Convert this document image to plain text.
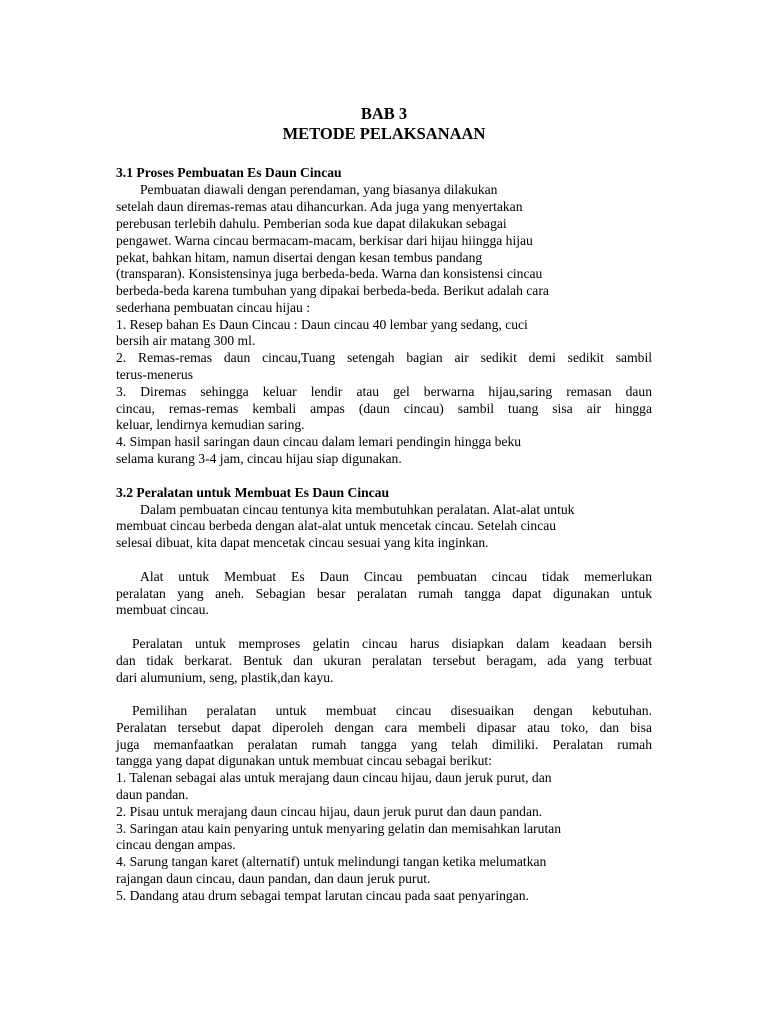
BAB 3
METODE PELAKSANAAN
3.1 Proses Pembuatan Es Daun Cincau
Pembuatan diawali dengan perendaman, yang biasanya dilakukan
setelah daun diremas-remas atau dihancurkan. Ada juga yang menyertakan
perebusan terlebih dahulu. Pemberian soda kue dapat dilakukan sebagai
pengawet. Warna cincau bermacam-macam, berkisar dari hijau hiingga hijau
pekat, bahkan hitam, namun disertai dengan kesan tembus pandang
(transparan). Konsistensinya juga berbeda-beda. Warna dan konsistensi cincau
berbeda-beda karena tumbuhan yang dipakai berbeda-beda. Berikut adalah cara
sederhana pembuatan cincau hijau :
1. Resep bahan Es Daun Cincau : Daun cincau 40 lembar yang sedang, cuci
bersih air matang 300 ml.
2. Remas-remas daun cincau,Tuang setengah bagian air sedikit demi sedikit sambil
terus-menerus
3. Diremas sehingga keluar lendir atau gel berwarna hijau,saring remasan daun
cincau, remas-remas kembali ampas (daun cincau) sambil tuang sisa air hingga
keluar, lendirnya kemudian saring.
4. Simpan hasil saringan daun cincau dalam lemari pendingin hingga beku
selama kurang 3-4 jam, cincau hijau siap digunakan.
3.2 Peralatan untuk Membuat Es Daun Cincau
Dalam pembuatan cincau tentunya kita membutuhkan peralatan. Alat-alat untuk
membuat cincau berbeda dengan alat-alat untuk mencetak cincau. Setelah cincau
selesai dibuat, kita dapat mencetak cincau sesuai yang kita inginkan.
Alat untuk Membuat Es Daun Cincau pembuatan cincau tidak memerlukan
peralatan yang aneh. Sebagian besar peralatan rumah tangga dapat digunakan untuk
membuat cincau.
Peralatan untuk memproses gelatin cincau harus disiapkan dalam keadaan bersih
dan tidak berkarat. Bentuk dan ukuran peralatan tersebut beragam, ada yang terbuat
dari alumunium, seng, plastik,dan kayu.
Pemilihan peralatan untuk membuat cincau disesuaikan dengan kebutuhan.
Peralatan tersebut dapat diperoleh dengan cara membeli dipasar atau toko, dan bisa
juga memanfaatkan peralatan rumah tangga yang telah dimiliki. Peralatan rumah
tangga yang dapat digunakan untuk membuat cincau sebagai berikut:
1. Talenan sebagai alas untuk merajang daun cincau hijau, daun jeruk purut, dan
daun pandan.
2. Pisau untuk merajang daun cincau hijau, daun jeruk purut dan daun pandan.
3. Saringan atau kain penyaring untuk menyaring gelatin dan memisahkan larutan
cincau dengan ampas.
4. Sarung tangan karet (alternatif) untuk melindungi tangan ketika melumatkan
rajangan daun cincau, daun pandan, dan daun jeruk purut.
5. Dandang atau drum sebagai tempat larutan cincau pada saat penyaringan.
